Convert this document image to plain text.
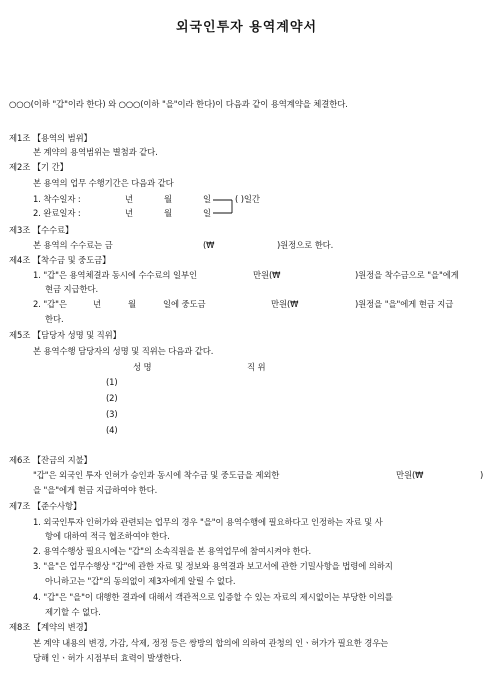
외국인투자 용역계약서
○○○(이하 "갑"이라 한다) 와 ○○○(이하 "을"이라 한다)이 다음과 같이 용역계약을 체결한다.
제1조 【용역의 범위】
본 계약의 용역범위는 별첨과 같다.
제2조 【기 간】
본 용역의 업무 수행기간은 다음과 같다
1. 착수일자 :	년	월	일	( )일간
2. 완료일자 :	년	월	일
제3조 【수수료】
본 용역의 수수료는 금	(₩	)원정으로 한다.
제4조 【착수금 및 중도금】
1. "갑"은 용역체결과 동시에 수수료의 일부인	만원(₩	)원정을 착수금으로 "을"에게
현금 지급한다.
2. "갑"은	년	월	일에 중도금	만원(₩	)원정을 "을"에게 현금 지급
한다.
제5조 【담당자 성명 및 직위】
본 용역수행 담당자의 성명 및 직위는 다음과 같다.
성 명	직 위
(1)
(2)
(3)
(4)
제6조 【잔금의 지불】
"갑"은 외국인 투자 인허가 승인과 동시에 착수금 및 중도금을 제외한	만원(₩	)
을 "을"에게 현금 지급하여야 한다.
제7조 【준수사항】
1. 외국인투자 인허가와 관련되는 업무의 경우 "을"이 용역수행에 필요하다고 인정하는 자료 및 사
항에 대하여 적극 협조하여야 한다.
2. 용역수행상 필요시에는 "갑"의 소속직원을 본 용역업무에 참여시켜야 한다.
3. "을"은 업무수행상 "갑"에 관한 자료 및 정보와 용역결과 보고서에 관한 기밀사항을 법령에 의하지
아니하고는 "갑"의 동의없이 제3자에게 알릴 수 없다.
4. "갑"은 "을"이 대행한 결과에 대해서 객관적으로 입증할 수 있는 자료의 제시없이는 부당한 이의를
제기할 수 없다.
제8조 【계약의 변경】
본 계약 내용의 변경, 가감, 삭제, 정정 등은 쌍방의 합의에 의하여 관청의 인ㆍ허가가 필요한 경우는
당해 인ㆍ허가 시점부터 효력이 발생한다.
